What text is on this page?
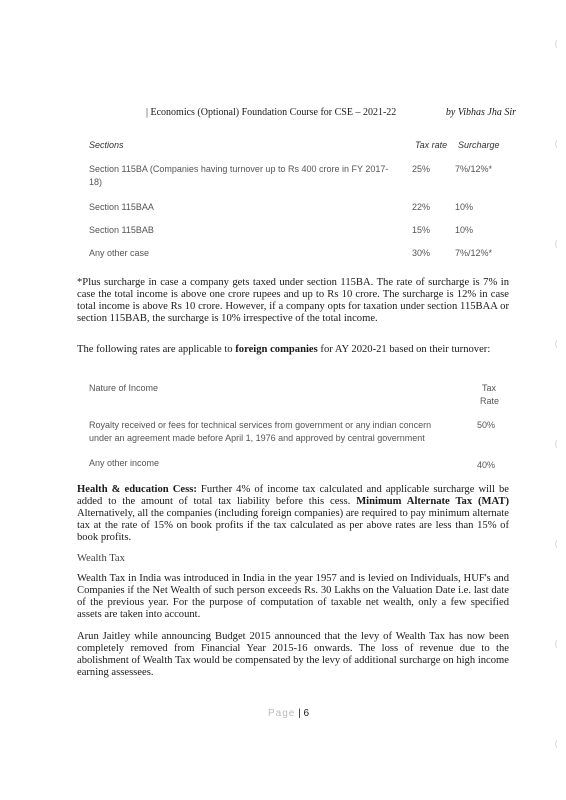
| Economics (Optional) Foundation Course for CSE – 2021-22	by Vibhas Jha Sir
Sections	Tax rate Surcharge
Section 115BA (Companies having turnover up to Rs 400 crore in FY 2017-
18)
25%	7%/12%*
Section 115BAA	22%	10%
Section 115BAB	15%	10%
Any other case	30%	7%/12%*
*Plus surcharge in case a company gets taxed under section 115BA. The rate of surcharge is 7% in case the total income is above one crore rupees and up to Rs 10 crore. The surcharge is 12% in case total income is above Rs 10 crore. However, if a company opts for taxation under section 115BAA or section 115BAB, the surcharge is 10% irrespective of the total income.
The following rates are applicable to foreign companies for AY 2020-21 based on their turnover:
Nature of Income	Tax
Rate
Royalty received or fees for technical services from government or any indian concern
under an agreement made before April 1, 1976 and approved by central government
50%
Any other income	40%
Health & education Cess: Further 4% of income tax calculated and applicable surcharge will be added to the amount of total tax liability before this cess. Minimum Alternate Tax (MAT) Alternatively, all the companies (including foreign companies) are required to pay minimum alternate tax at the rate of 15% on book profits if the tax calculated as per above rates are less than 15% of book profits.
Wealth Tax
Wealth Tax in India was introduced in India in the year 1957 and is levied on Individuals, HUF's and Companies if the Net Wealth of such person exceeds Rs. 30 Lakhs on the Valuation Date i.e. last date of the previous year. For the purpose of computation of taxable net wealth, only a few specified assets are taken into account.
Arun Jaitley while announcing Budget 2015 announced that the levy of Wealth Tax has now been completely removed from Financial Year 2015-16 onwards. The loss of revenue due to the abolishment of Wealth Tax would be compensated by the levy of additional surcharge on high income earning assessees.
Page | 6
(
(
(
(
(
(
(
(
